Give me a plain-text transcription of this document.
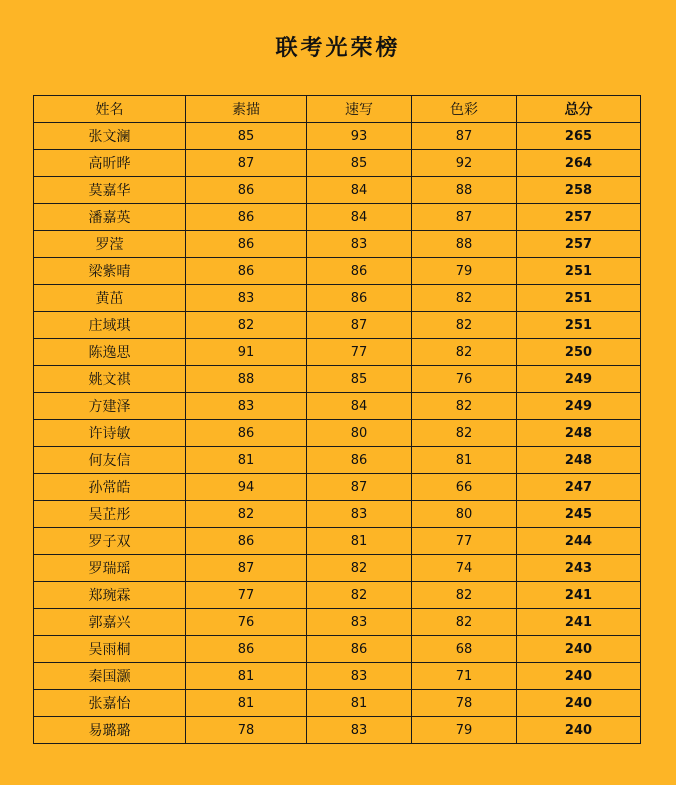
联考光荣榜
姓名	素描	速写	色彩	总分
张文澜	85	93	87	265
高昕晔	87	85	92	264
莫嘉华	86	84	88	258
潘嘉英	86	84	87	257
罗滢	86	83	88	257
梁紫晴	86	86	79	251
黄茁	83	86	82	251
庄域琪	82	87	82	251
陈逸思	91	77	82	250
姚文祺	88	85	76	249
方建泽	83	84	82	249
许诗敏	86	80	82	248
何友信	81	86	81	248
孙常皓	94	87	66	247
吴芷彤	82	83	80	245
罗子双	86	81	77	244
罗瑞瑶	87	82	74	243
郑琬霖	77	82	82	241
郭嘉兴	76	83	82	241
吴雨桐	86	86	68	240
秦国灏	81	83	71	240
张嘉怡	81	81	78	240
易璐璐	78	83	79	240
